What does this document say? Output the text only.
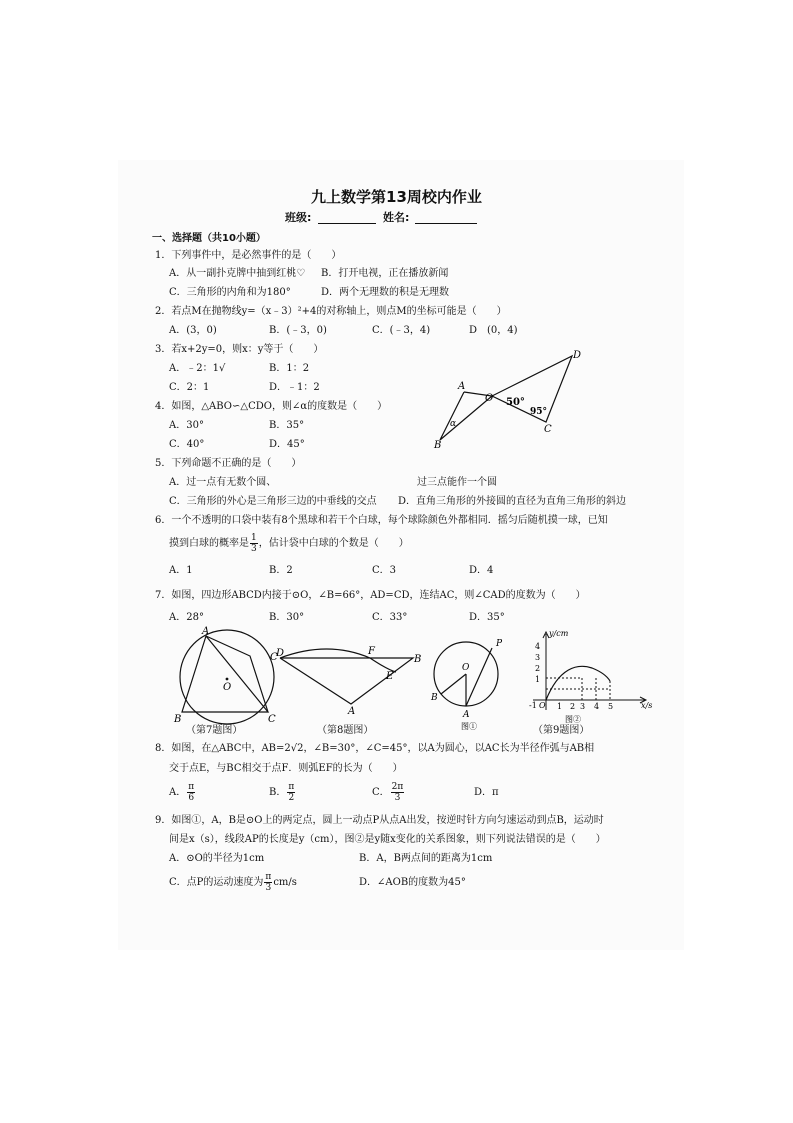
九上数学第13周校内作业
班级:	姓名:
一、选择题（共10小题）
1．下列事件中，是必然事件的是（　　）
A．从一副扑克牌中抽到红桃♡ B．打开电视，正在播放新闻
C．三角形的内角和为180°	D．两个无理数的积是无理数
2．若点M在抛物线y=（x﹣3）²+4的对称轴上，则点M的坐标可能是（　　）
A．(3，0)	B．(﹣3，0)	C．(﹣3，4)	D　(0，4)
3．若x+2y=0，则x：y等于（　　）
A．﹣2：1√	B．1：2
C．2：1	D．﹣1：2
4．如图，△ABO∽△CDO，则∠α的度数是（　　）
A．30°	B．35°
C．40°	D．45°
A
B
O
D
C
α
50°
95°
5．下列命题不正确的是（　　）
A．过一点有无数个圆、	过三点能作一个圆
C．三角形的外心是三角形三边的中垂线的交点 D．直角三角形的外接圆的直径为直角三角形的斜边
6．一个不透明的口袋中装有8个黑球和若干个白球，每个球除颜色外都相同．摇匀后随机摸一球，已知
摸到白球的概率是 $\frac{1}{3}$ ，估计袋中白球的个数是（　　）
A．1	B．2	C．3	D．4
7．如图，四边形ABCD内接于⊙O，∠B=66°，AD=CD，连结AC，则∠CAD的度数为（　　）
A．28°	B．30°	C．33°	D．35°
A
B	C
D
O
（第7题图）
C
F
B
E
A
（第8题图）
P
O
B
A
图①
y/cm
x/s
4
3
2
1
-1 O 1 2 3 4 5
图②
（第9题图）
8．如图，在△ABC中，AB=2√2，∠B=30°，∠C=45°，以A为圆心，以AC长为半径作弧与AB相
交于点E，与BC相交于点F．则弧EF的长为（　　）
A． $\frac{\pi}{6}$	B． $\frac{\pi}{2}$	C． $\frac{2\pi}{3}$	D．π
9．如图①，A，B是⊙O上的两定点，圆上一动点P从点A出发，按逆时针方向匀速运动到点B，运动时
间是x（s），线段AP的长度是y（cm），图②是y随x变化的关系图象，则下列说法错误的是（　　）
A．⊙O的半径为1cm	B．A，B两点间的距离为1cm
C．点P的运动速度为 $\frac{\pi}{3} cm/s$	D．∠AOB的度数为45°
